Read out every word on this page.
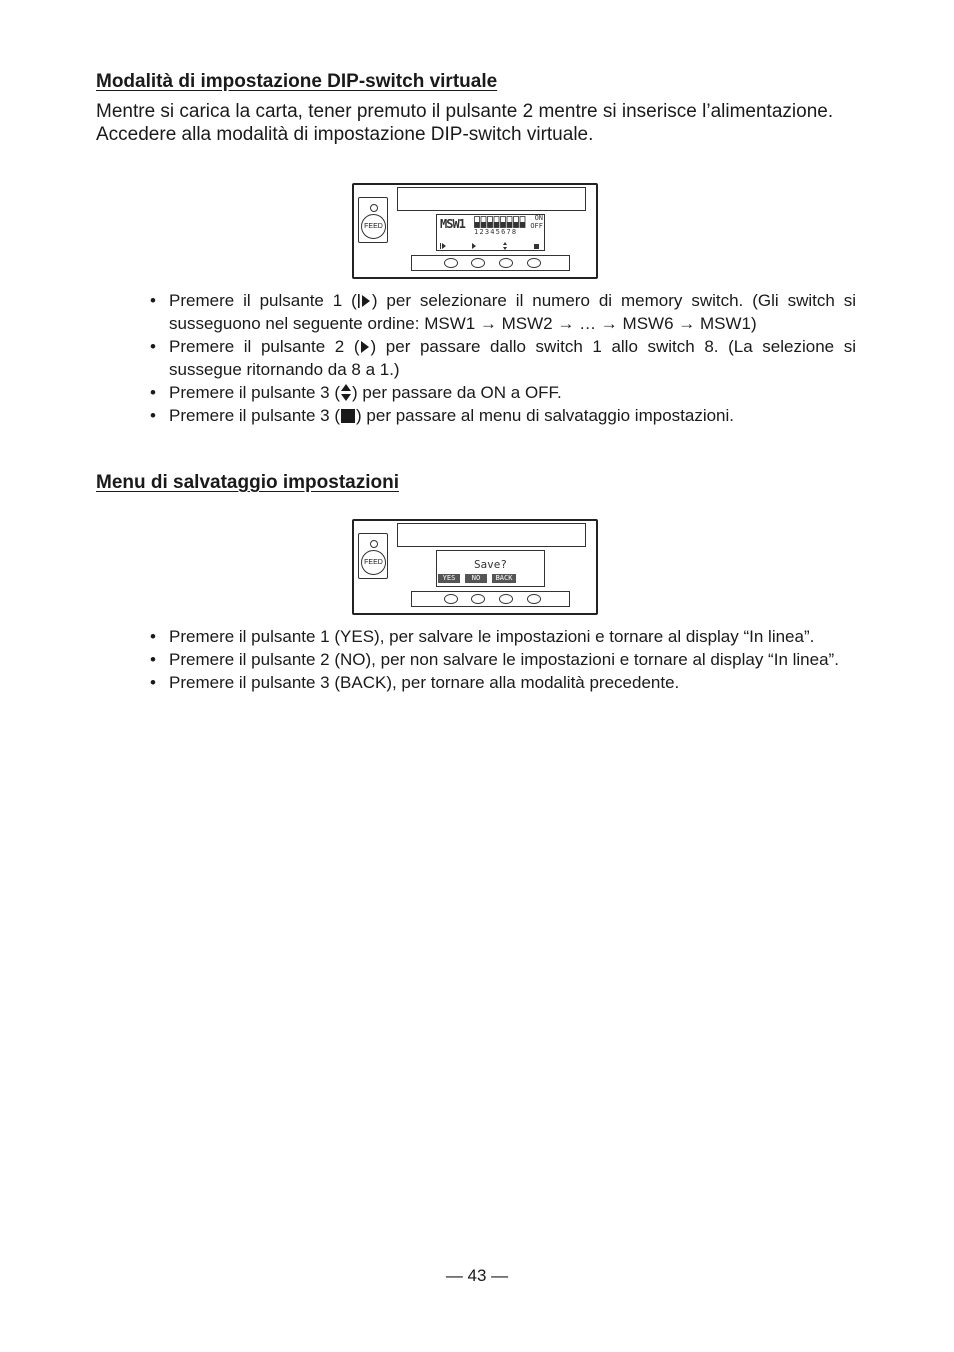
Modalità di impostazione DIP-switch virtuale

Mentre si carica la carta, tener premuto il pulsante 2 mentre si inserisce l’alimentazione.

Accedere alla modalità di impostazione DIP-switch virtuale.

FEED	MSW1	ON
OFF
12345678
• Premere il pulsante 1 ( ) per selezionare il numero di memory switch. (Gli switch si susseguono nel seguente ordine: MSW1 → MSW2 → … → MSW6 → MSW1)
• Premere il pulsante 2 ( ) per passare dallo switch 1 allo switch 8. (La selezione si sussegue ritornando da 8 a 1.)
• Premere il pulsante 3 ( ) per passare da ON a OFF.
• Premere il pulsante 3 ( ) per passare al menu di salvataggio impostazioni.
Menu di salvataggio impostazioni
FEED	Save?
YES	NO	BACK
• Premere il pulsante 1 (YES), per salvare le impostazioni e tornare al display “In linea”.
• Premere il pulsante 2 (NO), per non salvare le impostazioni e tornare al display “In linea”.
• Premere il pulsante 3 (BACK), per tornare alla modalità precedente.

— 43 —
